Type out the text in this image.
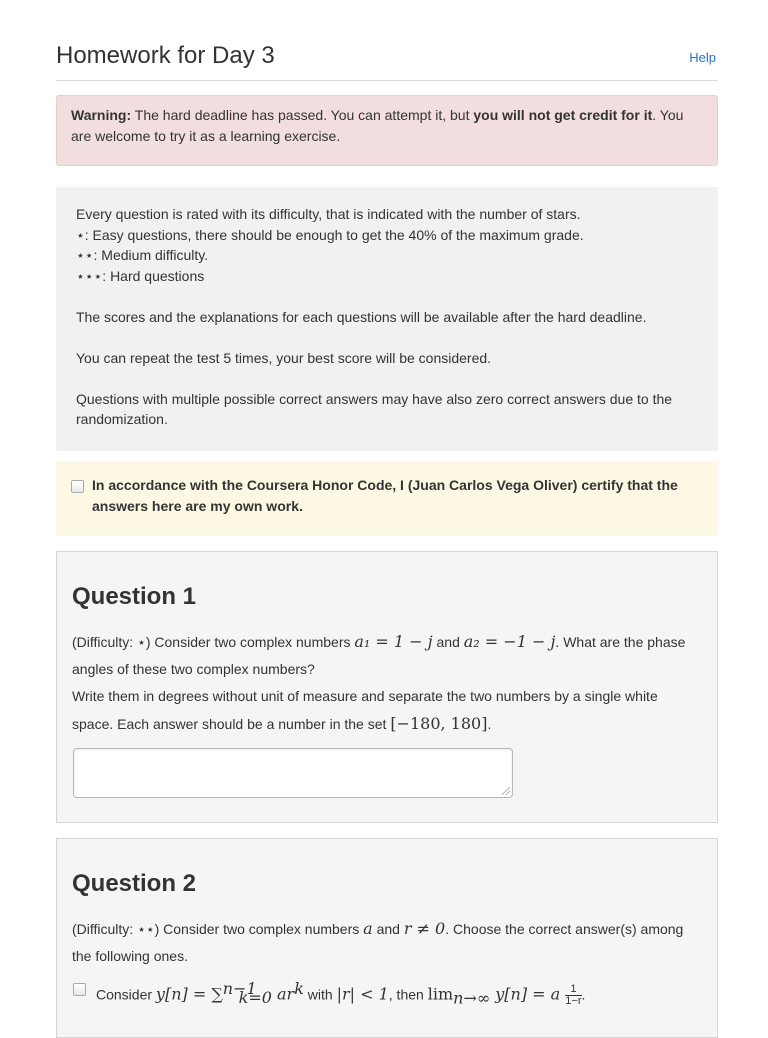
Homework for Day 3	Help
Warning: The hard deadline has passed. You can attempt it, but you will not get credit for it. You are welcome to try it as a learning exercise.

Every question is rated with its difficulty, that is indicated with the number of stars.

⋆: Easy questions, there should be enough to get the 40% of the maximum grade.

⋆⋆: Medium difficulty.

⋆⋆⋆: Hard questions

The scores and the explanations for each questions will be available after the hard deadline.

You can repeat the test 5 times, your best score will be considered.

Questions with multiple possible correct answers may have also zero correct answers due to the randomization.

In accordance with the Coursera Honor Code, I (Juan Carlos Vega Oliver) certify that the answers here are my own work.
Question 1

(Difficulty: ⋆) Consider two complex numbers a₁ = 1 − j and a₂ = −1 − j. What are the phase angles of these two complex numbers?

Write them in degrees without unit of measure and separate the two numbers by a single white space. Each answer should be a number in the set [−180, 180].

Question 2

(Difficulty: ⋆⋆) Consider two complex numbers a and r ≠ 0. Choose the correct answer(s) among the following ones.

Consider y[n] = ∑$^{n-1}_{k=0}$ $ar^k$ with |r| < 1, then $\lim_{n\to\infty} y[n] = a \frac{1}{1-r}$ .
